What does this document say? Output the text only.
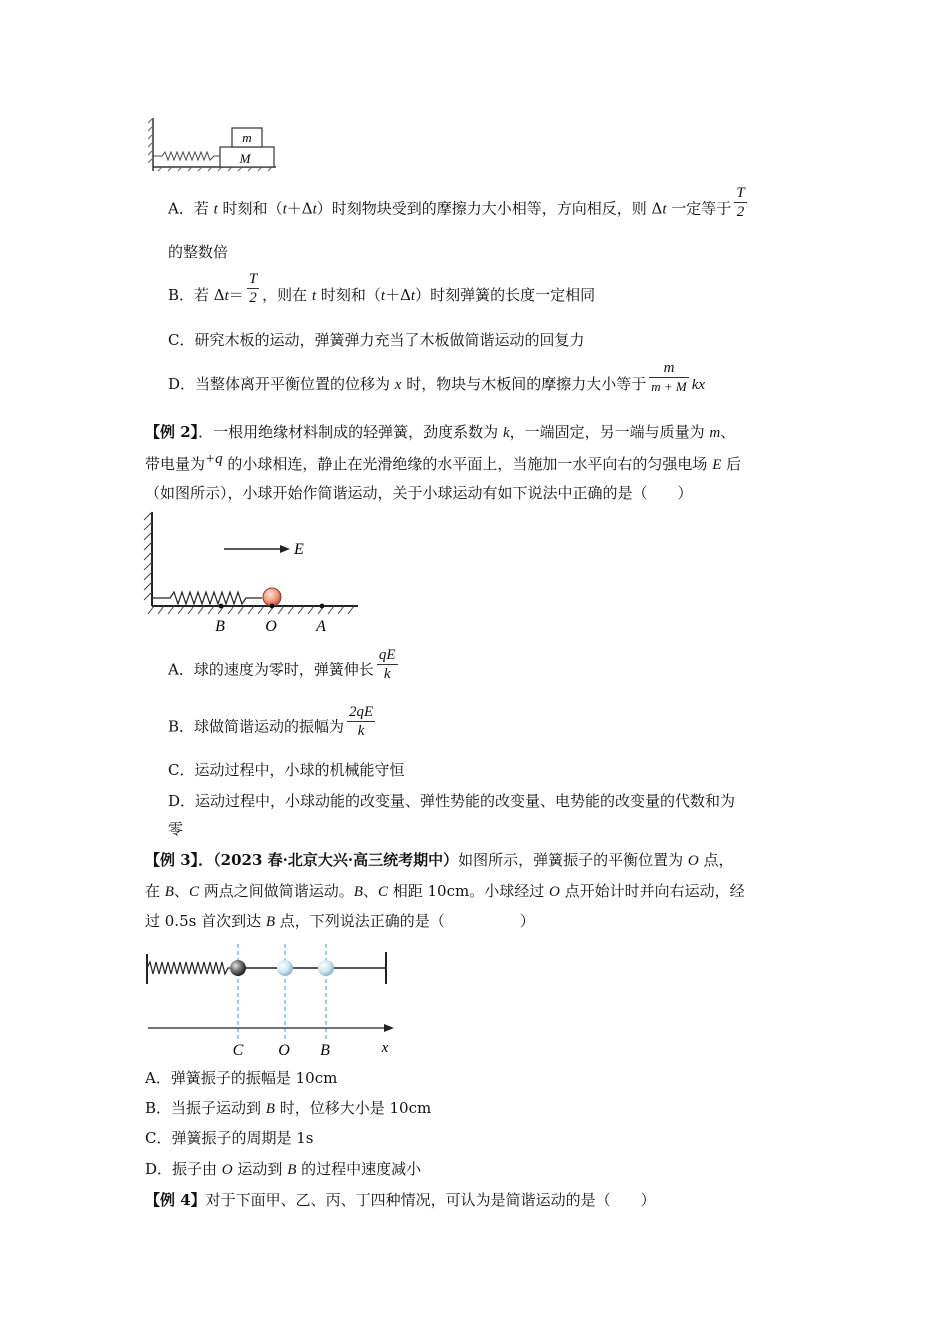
m
M
A．若 t 时刻和（t＋Δt）时刻物块受到的摩擦力大小相等，方向相反，则 Δt 一定等于 $\frac{T}{2}$
的整数倍
B．若 $\Delta t= \frac{T}{2}$ ，则在 t 时刻和（t＋Δt）时刻弹簧的长度一定相同
C．研究木板的运动，弹簧弹力充当了木板做简谐运动的回复力
D．当整体离开平衡位置的位移为 x 时，物块与木板间的摩擦力大小等于 $\frac{m}{m + M}$ kx
【例 2】．一根用绝缘材料制成的轻弹簧，劲度系数为 k，一端固定，另一端与质量为 m、
带电量为+q 的小球相连，静止在光滑绝缘的水平面上，当施加一水平向右的匀强电场 E 后
（如图所示），小球开始作简谐运动，关于小球运动有如下说法中正确的是（　　）
E
B	O A
A．球的速度为零时，弹簧伸长 $\frac{qE}{k}$
B．球做简谐运动的振幅为 $\frac{2qE}{k}$
C．运动过程中，小球的机械能守恒
D．运动过程中，小球动能的改变量、弹性势能的改变量、电势能的改变量的代数和为
零
【例 3】．（2023 春·北京大兴·高三统考期中）如图所示，弹簧振子的平衡位置为 O 点，
在 B、C 两点之间做简谐运动。B、C 相距 10cm。小球经过 O 点开始计时并向右运动，经
过 0.5s 首次到达 B 点，下列说法正确的是（　　　　　）
C O B	x
A．弹簧振子的振幅是 10cm
B．当振子运动到 B 时，位移大小是 10cm
C．弹簧振子的周期是 1s
D．振子由 O 运动到 B 的过程中速度减小
【例 4】对于下面甲、乙、丙、丁四种情况，可认为是简谐运动的是（　　）
